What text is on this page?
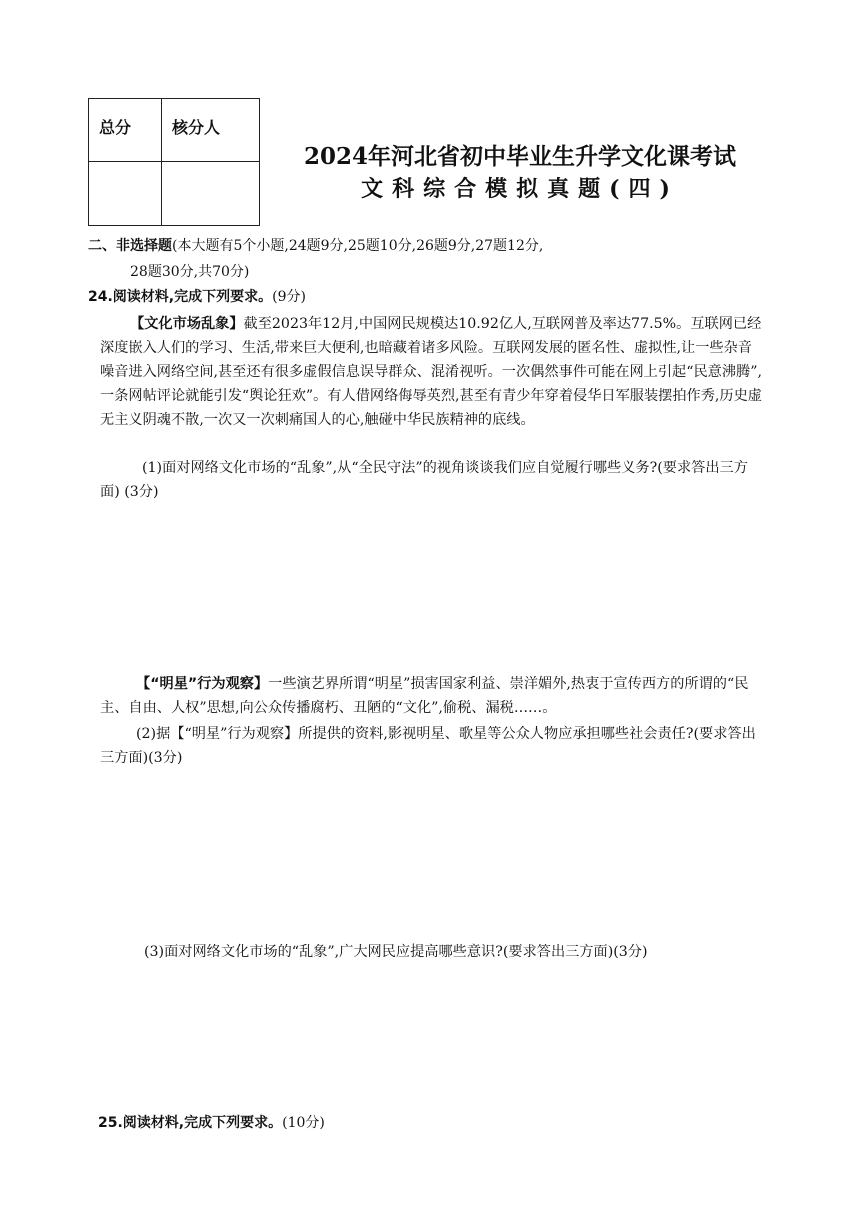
总分	核分人

2024年河北省初中毕业生升学文化课考试
文科综合模拟真题(四)
二、非选择题(本大题有5个小题,24题9分,25题10分,26题9分,27题12分,
28题30分,共70分)
24.阅读材料,完成下列要求。(9分)

【文化市场乱象】截至2023年12月,中国网民规模达10.92亿人,互联网普及率达77.5%。互联网已经深度嵌入人们的学习、生活,带来巨大便利,也暗藏着诸多风险。互联网发展的匿名性、虚拟性,让一些杂音噪音进入网络空间,甚至还有很多虚假信息误导群众、混淆视听。一次偶然事件可能在网上引起“民意沸腾”,一条网帖评论就能引发“舆论狂欢”。有人借网络侮辱英烈,甚至有青少年穿着侵华日军服装摆拍作秀,历史虚无主义阴魂不散,一次又一次刺痛国人的心,触碰中华民族精神的底线。

(1)面对网络文化市场的“乱象”,从“全民守法”的视角谈谈我们应自觉履行哪些义务?(要求答出三方面) (3分)

【“明星”行为观察】一些演艺界所谓“明星”损害国家利益、崇洋媚外,热衷于宣传西方的所谓的“民主、自由、人权”思想,向公众传播腐朽、丑陋的“文化”,偷税、漏税……。

(2)据【“明星”行为观察】所提供的资料,影视明星、歌星等公众人物应承担哪些社会责任?(要求答出三方面)(3分)

(3)面对网络文化市场的“乱象”,广大网民应提高哪些意识?(要求答出三方面)(3分)

25.阅读材料,完成下列要求。(10分)
